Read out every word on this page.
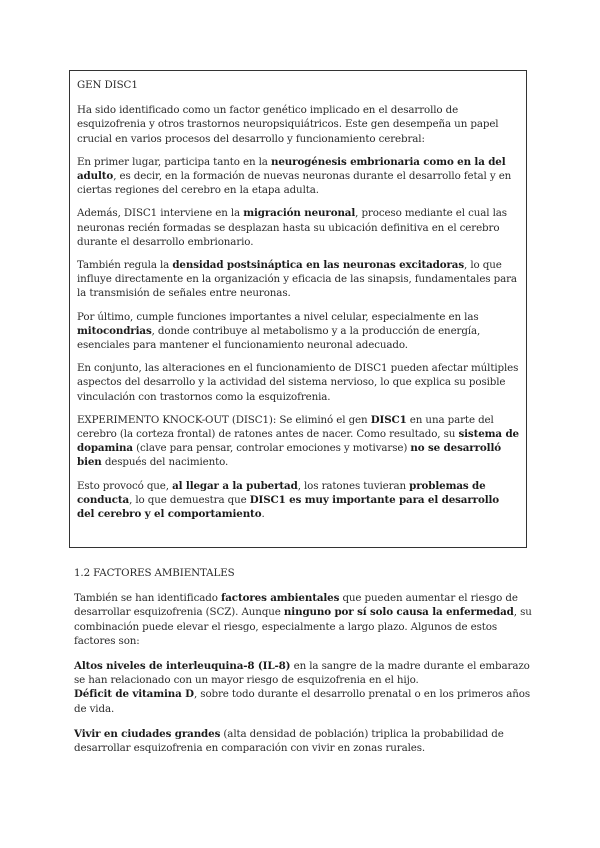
GEN DISC1

Ha sido identificado como un factor genético implicado en el desarrollo de esquizofrenia y otros trastornos neuropsiquiátricos. Este gen desempeña un papel crucial en varios procesos del desarrollo y funcionamiento cerebral:

En primer lugar, participa tanto en la neurogénesis embrionaria como en la del adulto, es decir, en la formación de nuevas neuronas durante el desarrollo fetal y en ciertas regiones del cerebro en la etapa adulta.

Además, DISC1 interviene en la migración neuronal, proceso mediante el cual las neuronas recién formadas se desplazan hasta su ubicación definitiva en el cerebro durante el desarrollo embrionario.

También regula la densidad postsináptica en las neuronas excitadoras, lo que influye directamente en la organización y eficacia de las sinapsis, fundamentales para la transmisión de señales entre neuronas.

Por último, cumple funciones importantes a nivel celular, especialmente en las mitocondrias, donde contribuye al metabolismo y a la producción de energía, esenciales para mantener el funcionamiento neuronal adecuado.

En conjunto, las alteraciones en el funcionamiento de DISC1 pueden afectar múltiples aspectos del desarrollo y la actividad del sistema nervioso, lo que explica su posible vinculación con trastornos como la esquizofrenia.

EXPERIMENTO KNOCK-OUT (DISC1): Se eliminó el gen DISC1 en una parte del cerebro (la corteza frontal) de ratones antes de nacer. Como resultado, su sistema de dopamina (clave para pensar, controlar emociones y motivarse) no se desarrolló bien después del nacimiento.

Esto provocó que, al llegar a la pubertad, los ratones tuvieran problemas de conducta, lo que demuestra que DISC1 es muy importante para el desarrollo del cerebro y el comportamiento.

1.2 FACTORES AMBIENTALES

También se han identificado factores ambientales que pueden aumentar el riesgo de desarrollar esquizofrenia (SCZ). Aunque ninguno por sí solo causa la enfermedad, su combinación puede elevar el riesgo, especialmente a largo plazo. Algunos de estos factores son:

Altos niveles de interleuquina-8 (IL-8) en la sangre de la madre durante el embarazo se han relacionado con un mayor riesgo de esquizofrenia en el hijo.

Déficit de vitamina D, sobre todo durante el desarrollo prenatal o en los primeros años de vida.

Vivir en ciudades grandes (alta densidad de población) triplica la probabilidad de desarrollar esquizofrenia en comparación con vivir en zonas rurales.
